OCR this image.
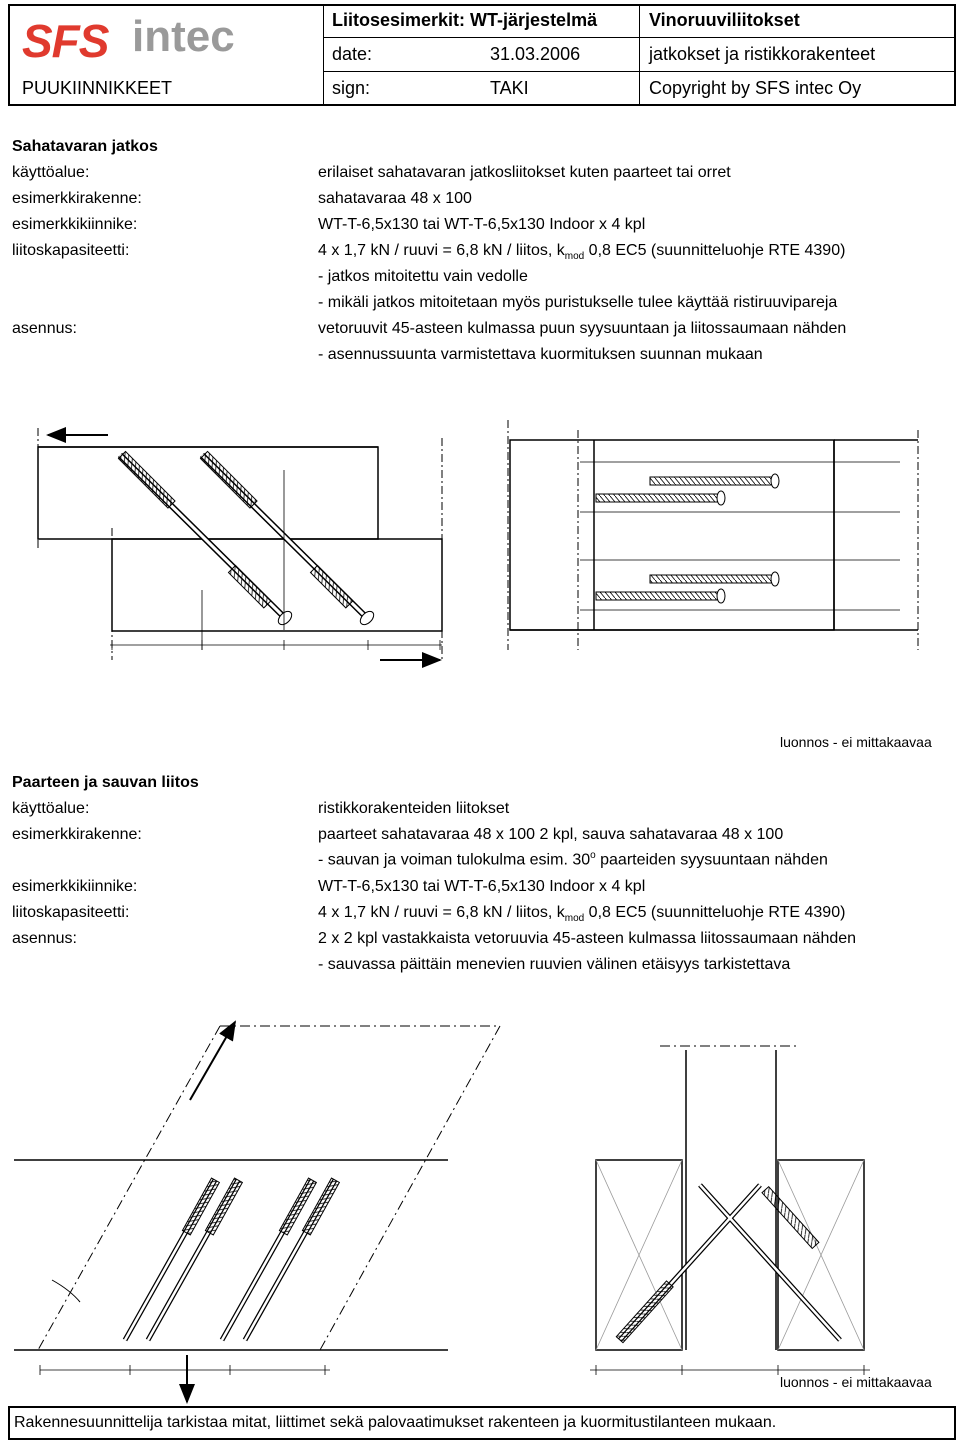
SFS intec
PUUKIINNIKKEET
Liitosesimerkit: WT-järjestelmä
date:	31.03.2006
sign:	TAKI
Vinoruuviliitokset
jatkokset ja ristikkorakenteet
Copyright by SFS intec Oy
Sahatavaran jatkos
käyttöalue:	erilaiset sahatavaran jatkosliitokset kuten paarteet tai orret
esimerkkirakenne:	sahatavaraa 48 x 100
esimerkkikiinnike:	WT-T-6,5x130 tai WT-T-6,5x130 Indoor x 4 kpl
liitoskapasiteetti:	4 x 1,7 kN / ruuvi = 6,8 kN / liitos, $k_{mod}$ 0,8 EC5 (suunnitteluohje RTE 4390)
- jatkos mitoitettu vain vedolle
- mikäli jatkos mitoitetaan myös puristukselle tulee käyttää ristiruuvipareja
asennus:	vetoruuvit 45-asteen kulmassa puun syysuuntaan ja liitossaumaan nähden
- asennussuunta varmistettava kuormituksen suunnan mukaan
luonnos - ei mittakaavaa
Paarteen ja sauvan liitos
käyttöalue:	ristikkorakenteiden liitokset
esimerkkirakenne:	paarteet sahatavaraa 48 x 100 2 kpl, sauva sahatavaraa 48 x 100
- sauvan ja voiman tulokulma esim. 30$^o$ paarteiden syysuuntaan nähden
esimerkkikiinnike:	WT-T-6,5x130 tai WT-T-6,5x130 Indoor x 4 kpl
liitoskapasiteetti:	4 x 1,7 kN / ruuvi = 6,8 kN / liitos, $k_{mod}$ 0,8 EC5 (suunnitteluohje RTE 4390)
asennus:	2 x 2 kpl vastakkaista vetoruuvia 45-asteen kulmassa liitossaumaan nähden
- sauvassa päittäin menevien ruuvien välinen etäisyys tarkistettava
luonnos - ei mittakaavaa
Rakennesuunnittelija tarkistaa mitat, liittimet sekä palovaatimukset rakenteen ja kuormitustilanteen mukaan.
